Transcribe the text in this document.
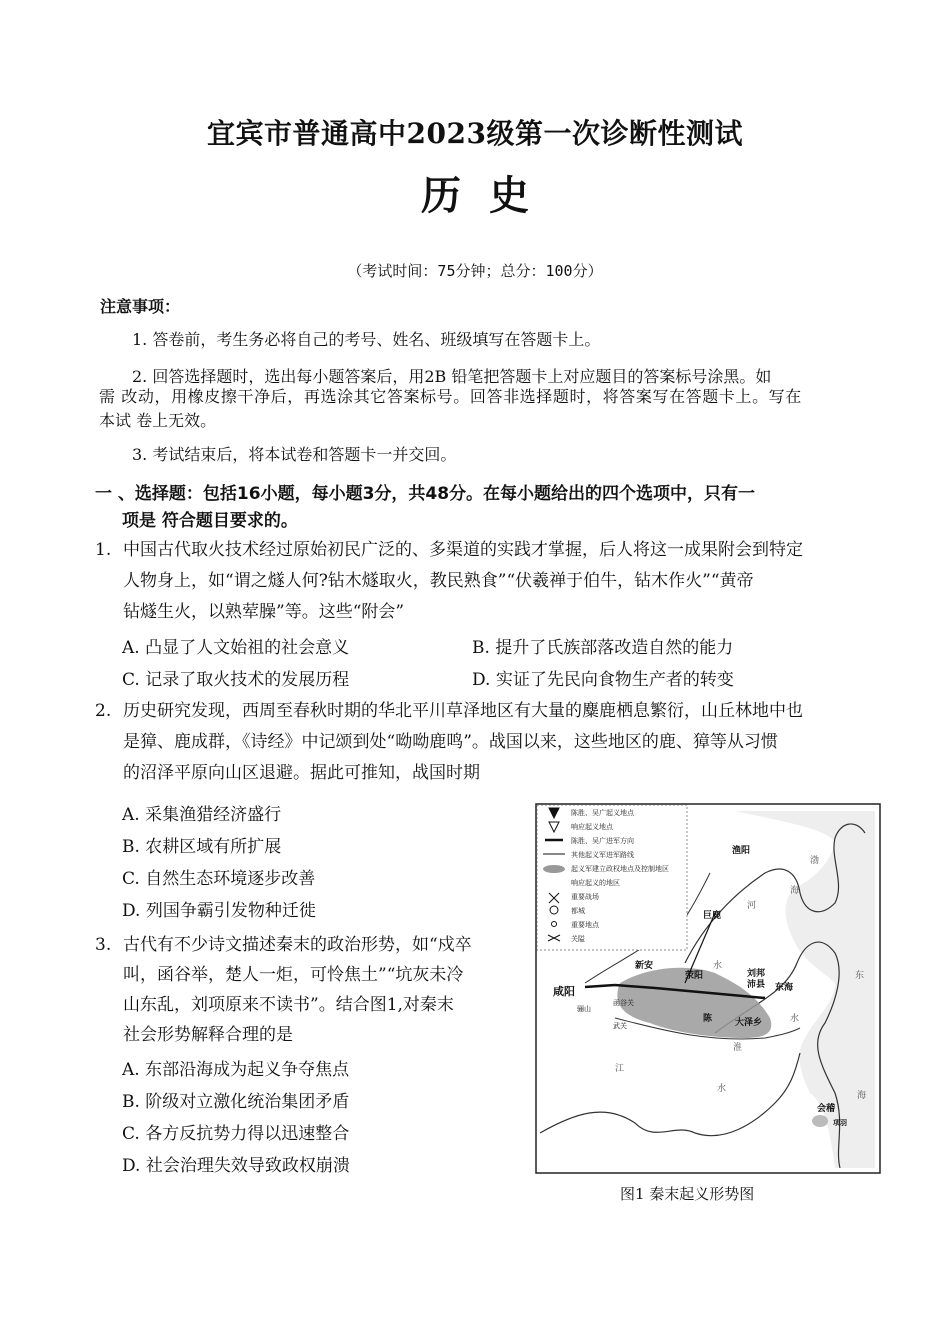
宜宾市普通高中2023级第一次诊断性测试
历史
（考试时间：75分钟；总分：100分）
注意事项：
1. 答卷前，考生务必将自己的考号、姓名、班级填写在答题卡上。
2. 回答选择题时，选出每小题答案后，用2B 铅笔把答题卡上对应题目的答案标号涂黑。如
需 改动，用橡皮擦干净后，再选涂其它答案标号。回答非选择题时，将答案写在答题卡上。写在
本试 卷上无效。
3. 考试结束后，将本试卷和答题卡一并交回。
一 、选择题：包括16小题，每小题3分，共48分。在每小题给出的四个选项中，只有一
项是 符合题目要求的。
1. 中国古代取火技术经过原始初民广泛的、多渠道的实践才掌握，后人将这一成果附会到特定
人物身上，如“谓之燧人何?钻木燧取火，教民熟食”“伏羲禅于伯牛，钻木作火”“黄帝
钻燧生火，以熟荤臊”等。这些“附会”
A. 凸显了人文始祖的社会意义	B. 提升了氏族部落改造自然的能力
C. 记录了取火技术的发展历程	D. 实证了先民向食物生产者的转变
2. 历史研究发现，西周至春秋时期的华北平川草泽地区有大量的麋鹿栖息繁衍，山丘林地中也
是獐、鹿成群，《诗经》中记颂到处“呦呦鹿鸣”。战国以来，这些地区的鹿、獐等从习惯
的沼泽平原向山区退避。据此可推知，战国时期
A. 采集渔猎经济盛行
B. 农耕区域有所扩展
C. 自然生态环境逐步改善
D. 列国争霸引发物种迁徙
3. 古代有不少诗文描述秦末的政治形势，如“戍卒
叫，函谷举，楚人一炬，可怜焦土”“坑灰未冷
山东乱，刘项原来不读书”。结合图1,对秦末
社会形势解释合理的是
A. 东部沿海成为起义争夺焦点
B. 阶级对立激化统治集团矛盾
C. 各方反抗势力得以迅速整合
D. 社会治理失效导致政权崩溃
陈胜、吴广起义地点
响应起义地点
陈胜、吴广进军方向
其他起义军进军路线
起义军建立政权地点及控制地区
响应起义的地区
重要战场
都城
重要地点
关隘
渔阳
巨鹿
新安
荥阳	刘邦
沛县 东海
咸阳
函谷关
骊山
武关
陈	大泽乡
会稽
项羽
渤
海
河
水
东
淮
水
江
水
海
图1 秦末起义形势图
